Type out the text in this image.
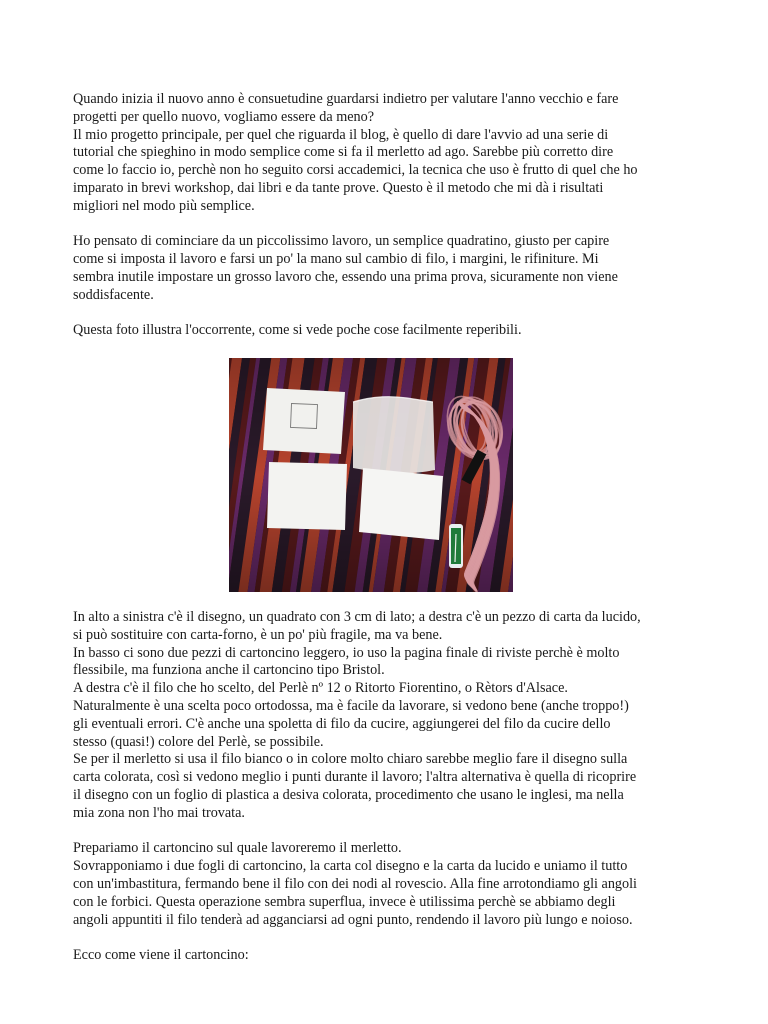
Quando inizia il nuovo anno è consuetudine guardarsi indietro per valutare l'anno vecchio e fare
progetti per quello nuovo, vogliamo essere da meno?
Il mio progetto principale, per quel che riguarda il blog, è quello di dare l'avvio ad una serie di
tutorial che spieghino in modo semplice come si fa il merletto ad ago. Sarebbe più corretto dire
come lo faccio io, perchè non ho seguito corsi accademici, la tecnica che uso è frutto di quel che ho
imparato in brevi workshop, dai libri e da tante prove. Questo è il metodo che mi dà i risultati
migliori nel modo più semplice.

Ho pensato di cominciare da un piccolissimo lavoro, un semplice quadratino, giusto per capire
come si imposta il lavoro e farsi un po' la mano sul cambio di filo, i margini, le rifiniture. Mi
sembra inutile impostare un grosso lavoro che, essendo una prima prova, sicuramente non viene
soddisfacente.

Questa foto illustra l'occorrente, come si vede poche cose facilmente reperibili.

In alto a sinistra c'è il disegno, un quadrato con 3 cm di lato; a destra c'è un pezzo di carta da lucido,
si può sostituire con carta-forno, è un po' più fragile, ma va bene.
In basso ci sono due pezzi di cartoncino leggero, io uso la pagina finale di riviste perchè è molto
flessibile, ma funziona anche il cartoncino tipo Bristol.
A destra c'è il filo che ho scelto, del Perlè nº 12 o Ritorto Fiorentino, o Rètors d'Alsace.
Naturalmente è una scelta poco ortodossa, ma è facile da lavorare, si vedono bene (anche troppo!)
gli eventuali errori. C'è anche una spoletta di filo da cucire, aggiungerei del filo da cucire dello
stesso (quasi!) colore del Perlè, se possibile.
Se per il merletto si usa il filo bianco o in colore molto chiaro sarebbe meglio fare il disegno sulla
carta colorata, così si vedono meglio i punti durante il lavoro; l'altra alternativa è quella di ricoprire
il disegno con un foglio di plastica a desiva colorata, procedimento che usano le inglesi, ma nella
mia zona non l'ho mai trovata.

Prepariamo il cartoncino sul quale lavoreremo il merletto.
Sovrapponiamo i due fogli di cartoncino, la carta col disegno e la carta da lucido e uniamo il tutto
con un'imbastitura, fermando bene il filo con dei nodi al rovescio. Alla fine arrotondiamo gli angoli
con le forbici. Questa operazione sembra superflua, invece è utilissima perchè se abbiamo degli
angoli appuntiti il filo tenderà ad agganciarsi ad ogni punto, rendendo il lavoro più lungo e noioso.

Ecco come viene il cartoncino:
